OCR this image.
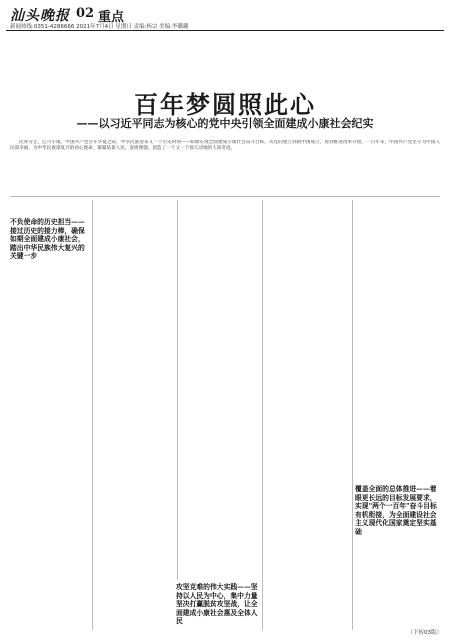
汕头晚报 02 重点
新闻热线:0351-4286666 2021年7月4日 星期日 责编:杨宗 美编:李璐璐
百年梦圆照此心
——以习近平同志为核心的党中央引领全面建成小康社会纪实

民亦劳止，汔可小康。中国共产党百年华诞之际，中华民族迎来又一个历史时刻——如期实现全面建成小康社会奋斗目标。从党的建立到新中国成立，再到推进改革开放，一百年来，中国共产党坚守为中国人民谋幸福、为中华民族谋复兴的初心使命，紧紧依靠人民，发愤图强，创造了一个又一个惊天动地的人间奇迹。

不负使命的历史担当——接过历史的接力棒，确保如期全面建成小康社会，踏出中华民族伟大复兴的关键一步
攻坚克难的伟大实践——坚持以人民为中心，集中力量坚决打赢脱贫攻坚战，让全面建成小康社会惠及全体人民
覆盖全面的总体推进——着眼更长远的目标发展要求，实现"两个一百年"奋斗目标有机衔接，为全面建设社会主义现代化国家奠定坚实基础
（下转03版）
